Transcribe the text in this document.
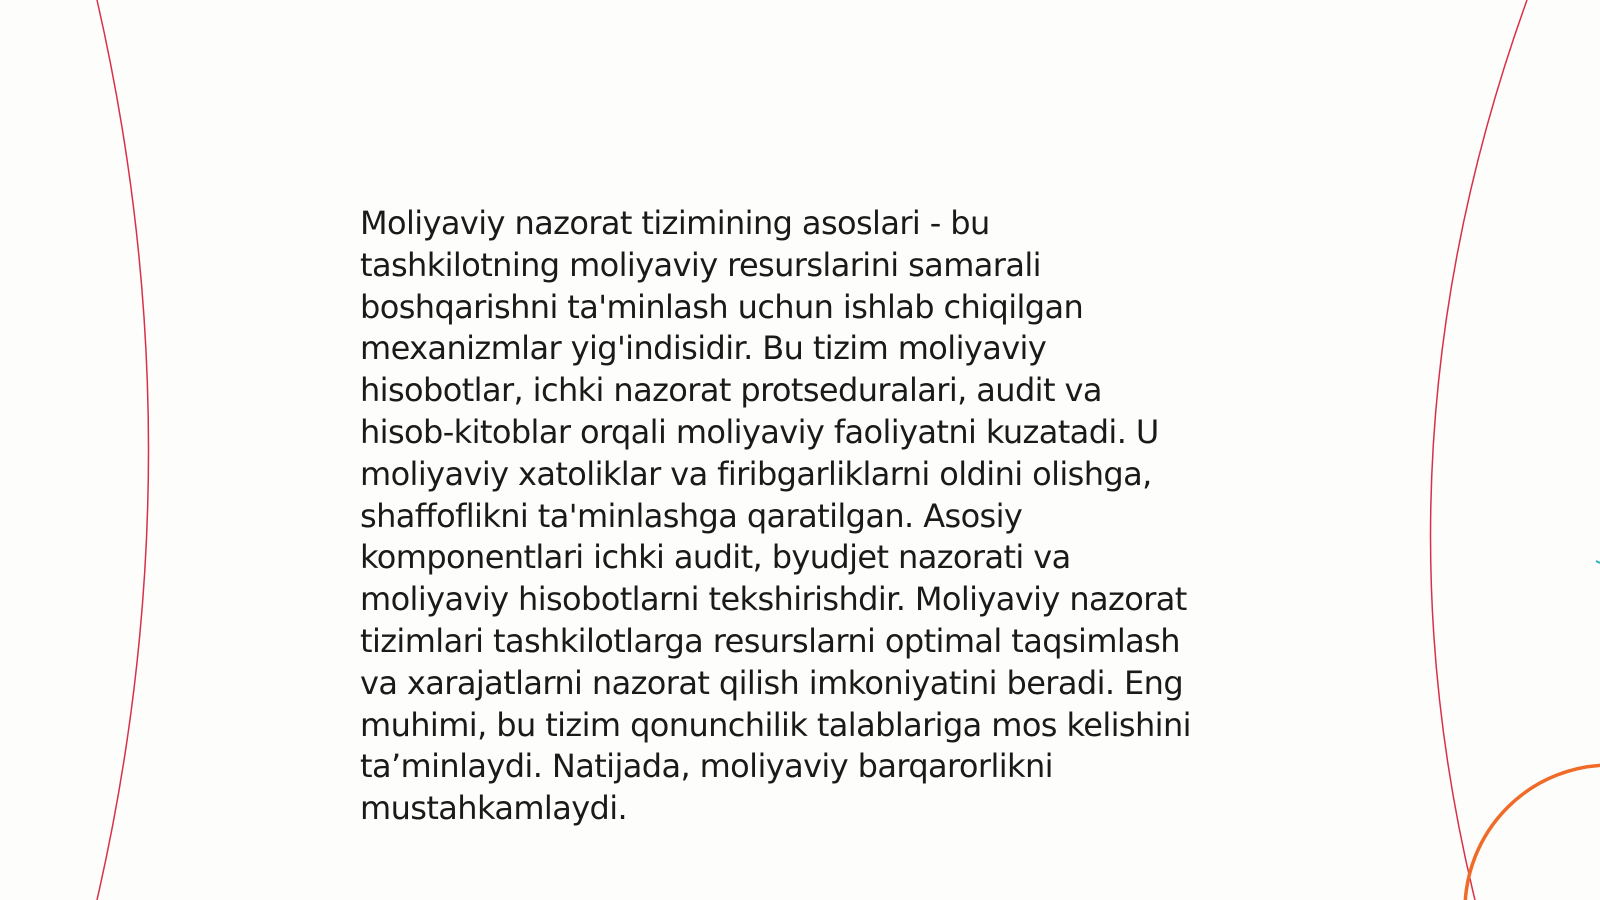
Moliyaviy nazorat tizimining asoslari - bu
tashkilotning moliyaviy resurslarini samarali
boshqarishni ta'minlash uchun ishlab chiqilgan
mexanizmlar yig'indisidir. Bu tizim moliyaviy
hisobotlar, ichki nazorat protseduralari, audit va
hisob-kitoblar orqali moliyaviy faoliyatni kuzatadi. U
moliyaviy xatoliklar va firibgarliklarni oldini olishga,
shaffoflikni ta'minlashga qaratilgan. Asosiy
komponentlari ichki audit, byudjet nazorati va
moliyaviy hisobotlarni tekshirishdir. Moliyaviy nazorat
tizimlari tashkilotlarga resurslarni optimal taqsimlash
va xarajatlarni nazorat qilish imkoniyatini beradi. Eng
muhimi, bu tizim qonunchilik talablariga mos kelishini
ta’minlaydi. Natijada, moliyaviy barqarorlikni
mustahkamlaydi.
